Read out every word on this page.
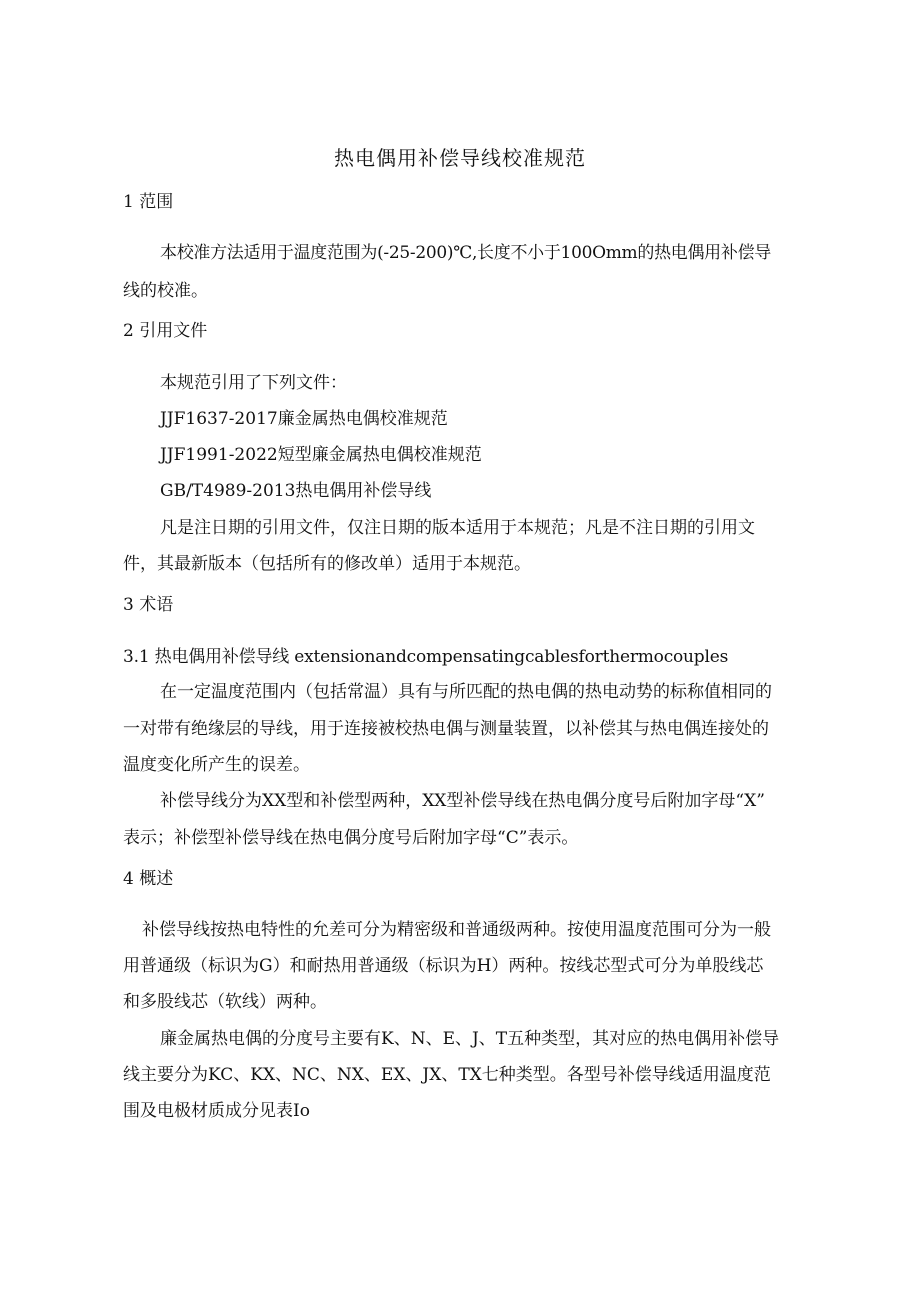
热电偶用补偿导线校准规范
1 范围
本校准方法适用于温度范围为(-25-200)℃,长度不小于100Omm的热电偶用补偿导
线的校准。
2 引用文件
本规范引用了下列文件：
JJF1637-2017廉金属热电偶校准规范
JJF1991-2022短型廉金属热电偶校准规范
GB/T4989-2013热电偶用补偿导线
凡是注日期的引用文件，仅注日期的版本适用于本规范；凡是不注日期的引用文
件，其最新版本（包括所有的修改单）适用于本规范。
3 术语
3.1 热电偶用补偿导线 extensionandcompensatingcablesforthermocouples
在一定温度范围内（包括常温）具有与所匹配的热电偶的热电动势的标称值相同的
一对带有绝缘层的导线，用于连接被校热电偶与测量装置，以补偿其与热电偶连接处的
温度变化所产生的误差。
补偿导线分为XX型和补偿型两种，XX型补偿导线在热电偶分度号后附加字母“X”
表示；补偿型补偿导线在热电偶分度号后附加字母“C”表示。
4 概述
补偿导线按热电特性的允差可分为精密级和普通级两种。按使用温度范围可分为一般
用普通级（标识为G）和耐热用普通级（标识为H）两种。按线芯型式可分为单股线芯
和多股线芯（软线）两种。
廉金属热电偶的分度号主要有K、N、E、J、T五种类型，其对应的热电偶用补偿导
线主要分为KC、KX、NC、NX、EX、JX、TX七种类型。各型号补偿导线适用温度范
围及电极材质成分见表Io
